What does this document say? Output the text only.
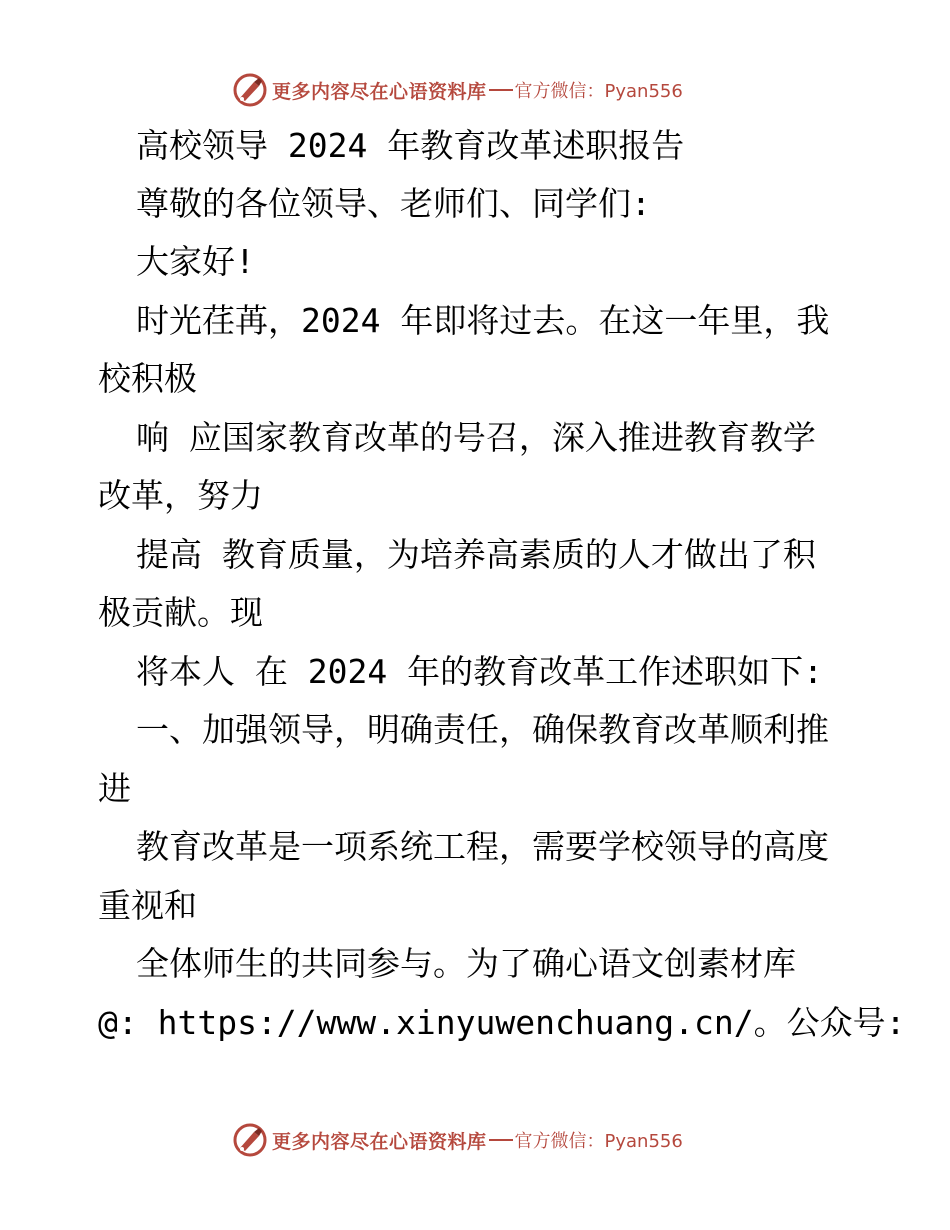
更多内容尽在心语资料库 官方微信：Pyan556
高校领导 2024 年教育改革述职报告
尊敬的各位领导、老师们、同学们:
大家好!
时光荏苒，2024 年即将过去。在这一年里，我
校积极
响 应国家教育改革的号召，深入推进教育教学
改革，努力
提高 教育质量，为培养高素质的人才做出了积
极贡献。现
将本人 在 2024 年的教育改革工作述职如下:
一、加强领导，明确责任，确保教育改革顺利推
进
教育改革是一项系统工程，需要学校领导的高度
重视和
全体师生的共同参与。为了确心语文创素材库
@: https://www.xinyuwenchuang.cn/。公众号:
更多内容尽在心语资料库 官方微信：Pyan556
